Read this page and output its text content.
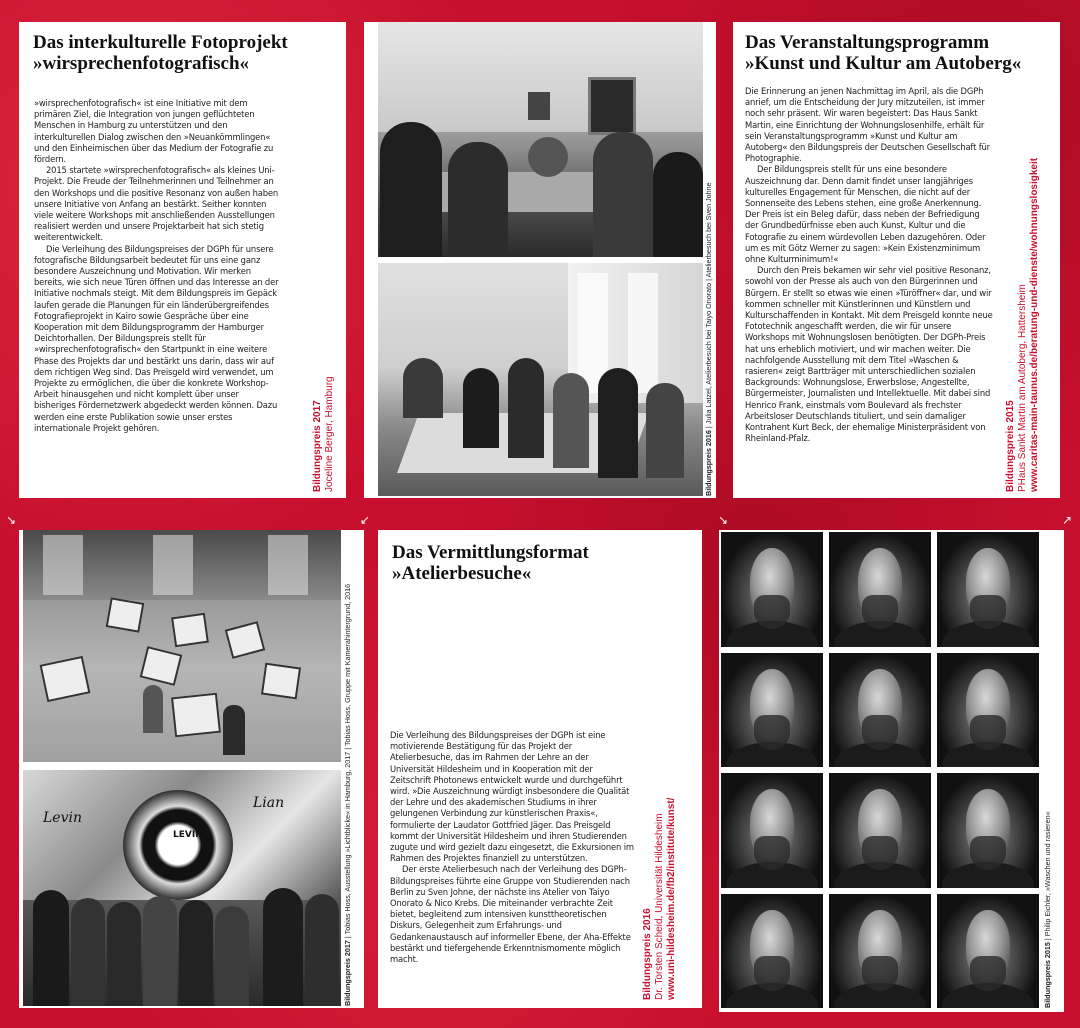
↙
↘	↙	↘	↗
Das interkulturelle Fotoprojekt
»wirsprechenfotografisch«

»wirsprechenfotografisch« ist eine Initiative mit dem primären Ziel, die Integration von jungen geflüchteten Menschen in Hamburg zu unterstützen und den interkulturellen Dialog zwischen den »Neuankömmlingen« und den Einheimischen über das Medium der Fotografie zu fördern.

2015 startete »wirsprechenfotografisch« als kleines Uni-Projekt. Die Freude der Teilnehmerinnen und Teilnehmer an den Workshops und die positive Resonanz von außen haben unsere Initiative von Anfang an bestärkt. Seither konnten viele weitere Workshops mit anschließenden Ausstellungen realisiert werden und unsere Projektarbeit hat sich stetig weiterentwickelt.

Die Verleihung des Bildungspreises der DGPh für unsere fotografische Bildungsarbeit bedeutet für uns eine ganz besondere Auszeichnung und Motivation. Wir merken bereits, wie sich neue Türen öffnen und das Interesse an der Initiative nochmals steigt. Mit dem Bildungspreis im Gepäck laufen gerade die Planungen für ein länderübergreifendes Fotografieprojekt in Kairo sowie Gespräche über eine Kooperation mit dem Bildungsprogramm der Hamburger Deichtorhallen. Der Bildungspreis stellt für »wirsprechenfotografisch« den Startpunkt in eine weitere Phase des Projekts dar und bestärkt uns darin, dass wir auf dem richtigen Weg sind. Das Preisgeld wird verwendet, um Projekte zu ermöglichen, die über die konkrete Workshop-Arbeit hinausgehen und nicht komplett über unser bisheriges Fördernetzwerk abgedeckt werden können. Dazu werden eine erste Publikation sowie unser erstes internationale Projekt gehören.	Bildungspreis 2017 Joceline Berger, Hamburg	Bildungspreis 2016 | Julia Latzel, Atelierbesuch bei Taiyo Onorato | Atelierbesuch bei Sven Johne
Das Veranstaltungsprogramm
»Kunst und Kultur am Autoberg«

Die Erinnerung an jenen Nachmittag im April, als die DGPh anrief, um die Entscheidung der Jury mitzuteilen, ist immer noch sehr präsent. Wir waren begeistert: Das Haus Sankt Martin, eine Einrichtung der Wohnungslosenhilfe, erhält für sein Veranstaltungsprogramm »Kunst und Kultur am Autoberg« den Bildungspreis der Deutschen Gesellschaft für Photographie.

Der Bildungspreis stellt für uns eine besondere Auszeichnung dar. Denn damit findet unser langjähriges kulturelles Engagement für Menschen, die nicht auf der Sonnenseite des Lebens stehen, eine große Anerkennung. Der Preis ist ein Beleg dafür, dass neben der Befriedigung der Grundbedürfnisse eben auch Kunst, Kultur und die Fotografie zu einem würdevollen Leben dazugehören. Oder um es mit Götz Werner zu sagen: »Kein Existenzminimum ohne Kulturminimum!«

Durch den Preis bekamen wir sehr viel positive Resonanz, sowohl von der Presse als auch von den Bürgerinnen und Bürgern. Er stellt so etwas wie einen »Türöffner« dar, und wir kommen schneller mit Künstlerinnen und Künstlern und Kulturschaffenden in Kontakt. Mit dem Preisgeld konnte neue Fototechnik angeschafft werden, die wir für unsere Workshops mit Wohnungslosen benötigten. Der DGPh-Preis hat uns erheblich motiviert, und wir machen weiter. Die nachfolgende Ausstellung mit dem Titel »Waschen & rasieren« zeigt Bartträger mit unterschiedlichen sozialen Backgrounds: Wohnungslose, Erwerbslose, Angestellte, Bürgermeister, Journalisten und Intellektuelle. Mit dabei sind Henrico Frank, einstmals vom Boulevard als frechster Arbeitsloser Deutschlands tituliert, und sein damaliger Kontrahent Kurt Beck, der ehemalige Ministerpräsident von Rheinland-Pfalz.	Bildungspreis 2015 PHaus Sankt Martin am Autoberg, Hattersheim www.caritas-main-taunus.de/beratung-und-dienste/wohnungslosigkeit
Levin
Lian
LEVIN
Bildungspreis 2017 | Tobias Hoss, Ausstellung »Lichtblicke« in Hamburg, 2017 | Tobias Hoss, Gruppe mit Kamerahintergrund, 2016
Das Vermittlungsformat
»Atelierbesuche«

Die Verleihung des Bildungspreises der DGPh ist eine motivierende Bestätigung für das Projekt der Atelierbesuche, das im Rahmen der Lehre an der Universität Hildesheim und in Kooperation mit der Zeitschrift Photonews entwickelt wurde und durchgeführt wird. »Die Auszeichnung würdigt insbesondere die Qualität der Lehre und des akademischen Studiums in ihrer gelungenen Verbindung zur künstlerischen Praxis«, formulierte der Laudator Gottfried Jäger. Das Preisgeld kommt der Universität Hildesheim und ihren Studierenden zugute und wird gezielt dazu eingesetzt, die Exkursionen im Rahmen des Projektes finanziell zu unterstützen.

Der erste Atelierbesuch nach der Verleihung des DGPh-Bildungspreises führte eine Gruppe von Studierenden nach Berlin zu Sven Johne, der nächste ins Atelier von Taiyo Onorato & Nico Krebs. Die miteinander verbrachte Zeit bietet, begleitend zum intensiven kunsttheoretischen Diskurs, Gelegenheit zum Erfahrungs- und Gedankenaustausch auf informeller Ebene, der Aha-Effekte bestärkt und tiefergehende Erkenntnismomente möglich macht.	Bildungspreis 2016 Dr. Torsten Scheid, Universität Hildesheim www.uni-hildesheim.de/fb2/institute/kunst/	Bildungspreis 2015 | Philip Eichler, »Waschen und rasieren«
